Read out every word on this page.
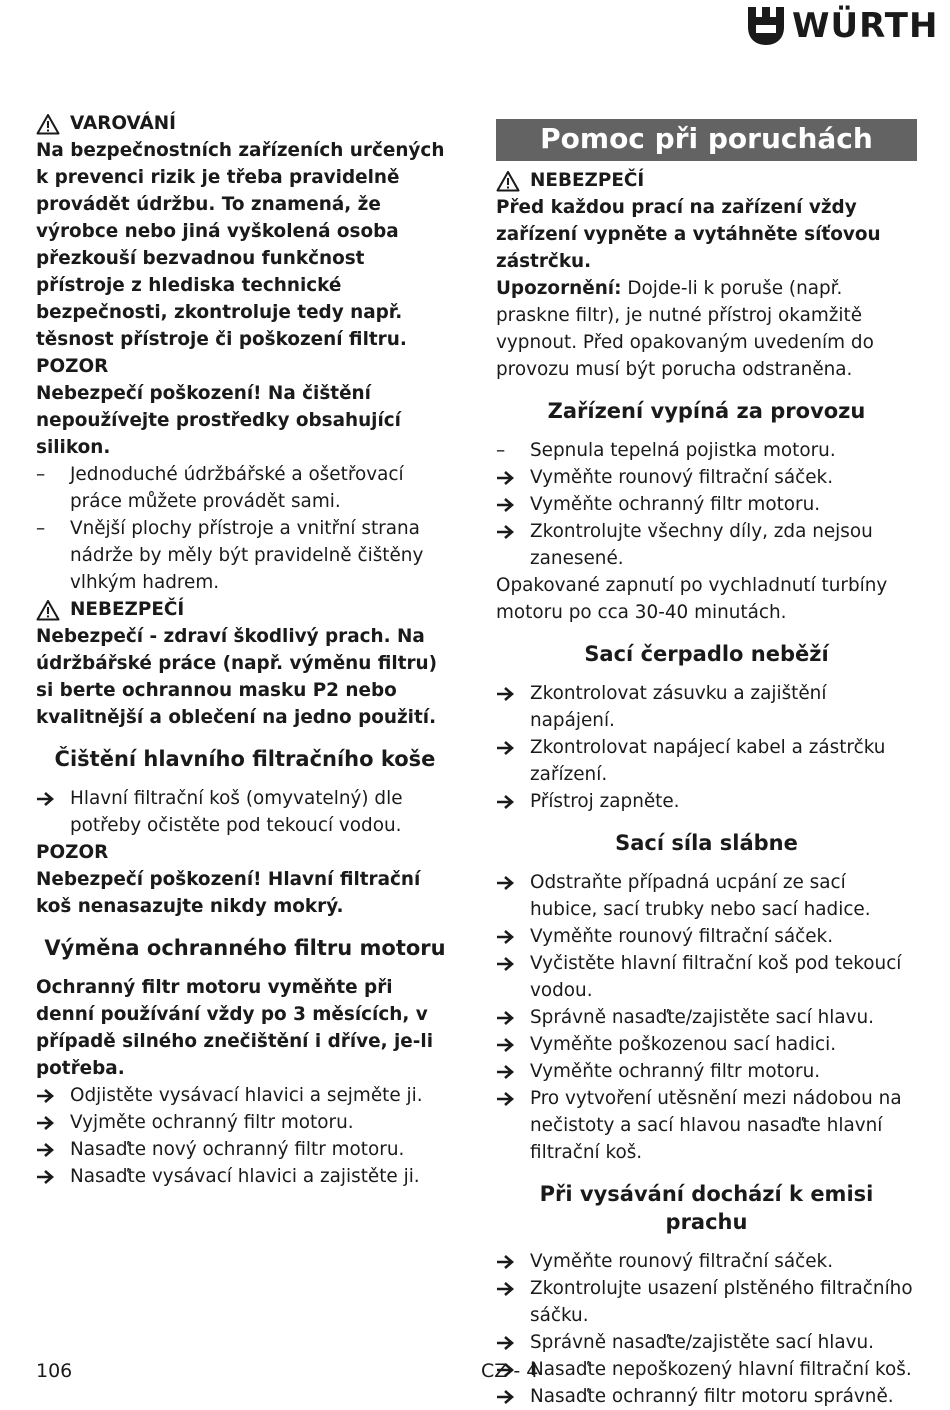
WÜRTH
VAROVÁNÍ

Na bezpečnostních zařízeních určených k prevenci rizik je třeba pravidelně provádět údržbu. To znamená, že výrobce nebo jiná vyškolená osoba přezkouší bezvadnou funkčnost přístroje z hlediska technické bezpečnosti, zkontroluje tedy např. těsnost přístroje či poškození filtru.

POZOR

Nebezpečí poškození! Na čištění nepoužívejte prostředky obsahující silikon.

–	Jednoduché údržbářské a ošetřovací práce můžete provádět sami.
–	Vnější plochy přístroje a vnitřní strana nádrže by měly být pravidelně čištěny vlhkým hadrem.
NEBEZPEČÍ

Nebezpečí - zdraví škodlivý prach. Na údržbářské práce (např. výměnu filtru) si berte ochrannou masku P2 nebo kvalitnější a oblečení na jedno použití.

Čištění hlavního filtračního koše
Hlavní filtrační koš (omyvatelný) dle potřeby očistěte pod tekoucí vodou.

POZOR

Nebezpečí poškození! Hlavní filtrační koš nenasazujte nikdy mokrý.

Výměna ochranného filtru motoru

Ochranný filtr motoru vyměňte při denní používání vždy po 3 měsících, v případě silného znečištění i dříve, je-li potřeba.

Odjistěte vysávací hlavici a sejměte ji.
Vyjměte ochranný filtr motoru.
Nasaďte nový ochranný filtr motoru.
Nasaďte vysávací hlavici a zajistěte ji.
Pomoc při poruchách
NEBEZPEČÍ

Před každou prací na zařízení vždy zařízení vypněte a vytáhněte síťovou zástrčku.

Upozornění: Dojde-li k poruše (např. praskne filtr), je nutné přístroj okamžitě vypnout. Před opakovaným uvedením do provozu musí být porucha odstraněna.

Zařízení vypíná za provozu
–	Sepnula tepelná pojistka motoru.
Vyměňte rounový filtrační sáček.
Vyměňte ochranný filtr motoru.
Zkontrolujte všechny díly, zda nejsou zanesené.

Opakované zapnutí po vychladnutí turbíny motoru po cca 30-40 minutách.

Sací čerpadlo neběží
Zkontrolovat zásuvku a zajištění napájení.
Zkontrolovat napájecí kabel a zástrčku zařízení.
Přístroj zapněte.
Sací síla slábne
Odstraňte případná ucpání ze sací hubice, sací trubky nebo sací hadice.
Vyměňte rounový filtrační sáček.
Vyčistěte hlavní filtrační koš pod tekoucí vodou.
Správně nasaďte/zajistěte sací hlavu.
Vyměňte poškozenou sací hadici.
Vyměňte ochranný filtr motoru.
Pro vytvoření utěsnění mezi nádobou na nečistoty a sací hlavou nasaďte hlavní filtrační koš.
Při vysávání dochází k emisi prachu
Vyměňte rounový filtrační sáček.
Zkontrolujte usazení plstěného filtračního sáčku.
Správně nasaďte/zajistěte sací hlavu.
Nasaďte nepoškozený hlavní filtrační koš.
Nasaďte ochranný filtr motoru správně.
106	CZ - 4
